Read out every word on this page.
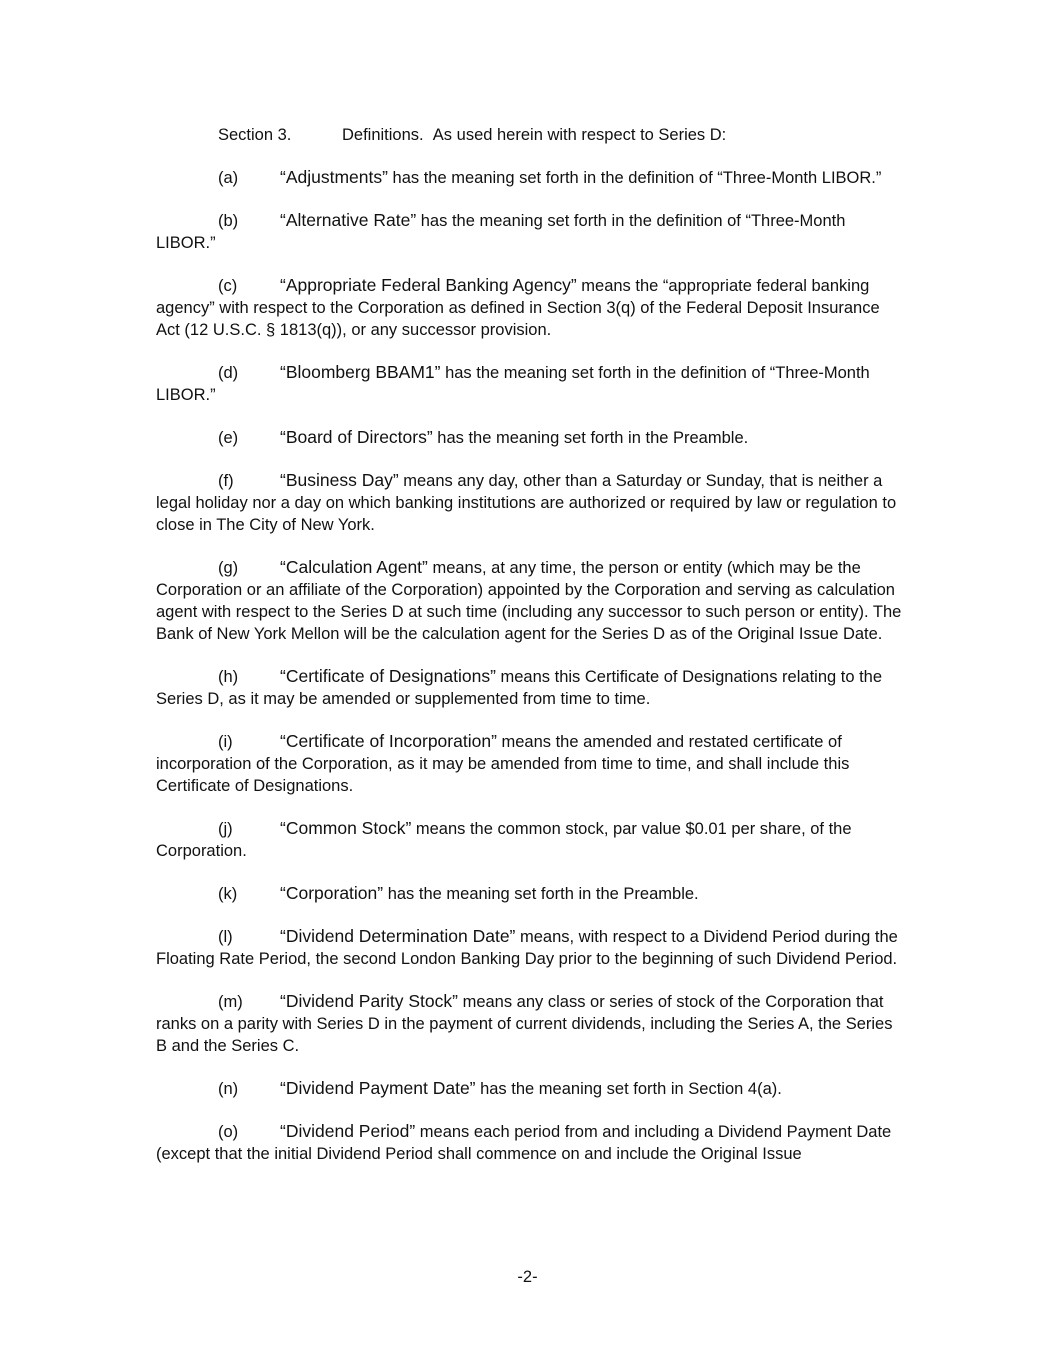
Section 3.	Definitions. As used herein with respect to Series D:

(a) “Adjustments” has the meaning set forth in the definition of “Three-Month LIBOR.”

(b) “Alternative Rate” has the meaning set forth in the definition of “Three-Month LIBOR.”

(c) “Appropriate Federal Banking Agency” means the “appropriate federal banking agency” with respect to the Corporation as defined in Section 3(q) of the Federal Deposit Insurance Act (12 U.S.C. § 1813(q)), or any successor provision.

(d) “Bloomberg BBAM1” has the meaning set forth in the definition of “Three-Month LIBOR.”

(e) “Board of Directors” has the meaning set forth in the Preamble.

(f)	“Business Day” means any day, other than a Saturday or Sunday, that is neither a legal holiday nor a day on which banking institutions are authorized or required by law or regulation to close in The City of New York.

(g) “Calculation Agent” means, at any time, the person or entity (which may be the Corporation or an affiliate of the Corporation) appointed by the Corporation and serving as calculation agent with respect to the Series D at such time (including any successor to such person or entity). The Bank of New York Mellon will be the calculation agent for the Series D as of the Original Issue Date.

(h) “Certificate of Designations” means this Certificate of Designations relating to the Series D, as it may be amended or supplemented from time to time.

(i)	“Certificate of Incorporation” means the amended and restated certificate of incorporation of the Corporation, as it may be amended from time to time, and shall include this Certificate of Designations.

(j)	“Common Stock” means the common stock, par value $0.01 per share, of the Corporation.

(k) “Corporation” has the meaning set forth in the Preamble.

(l)	“Dividend Determination Date” means, with respect to a Dividend Period during the Floating Rate Period, the second London Banking Day prior to the beginning of such Dividend Period.

(m) “Dividend Parity Stock” means any class or series of stock of the Corporation that ranks on a parity with Series D in the payment of current dividends, including the Series A, the Series B and the Series C.

(n) “Dividend Payment Date” has the meaning set forth in Section 4(a).

(o) “Dividend Period” means each period from and including a Dividend Payment Date (except that the initial Dividend Period shall commence on and include the Original Issue

-2-
